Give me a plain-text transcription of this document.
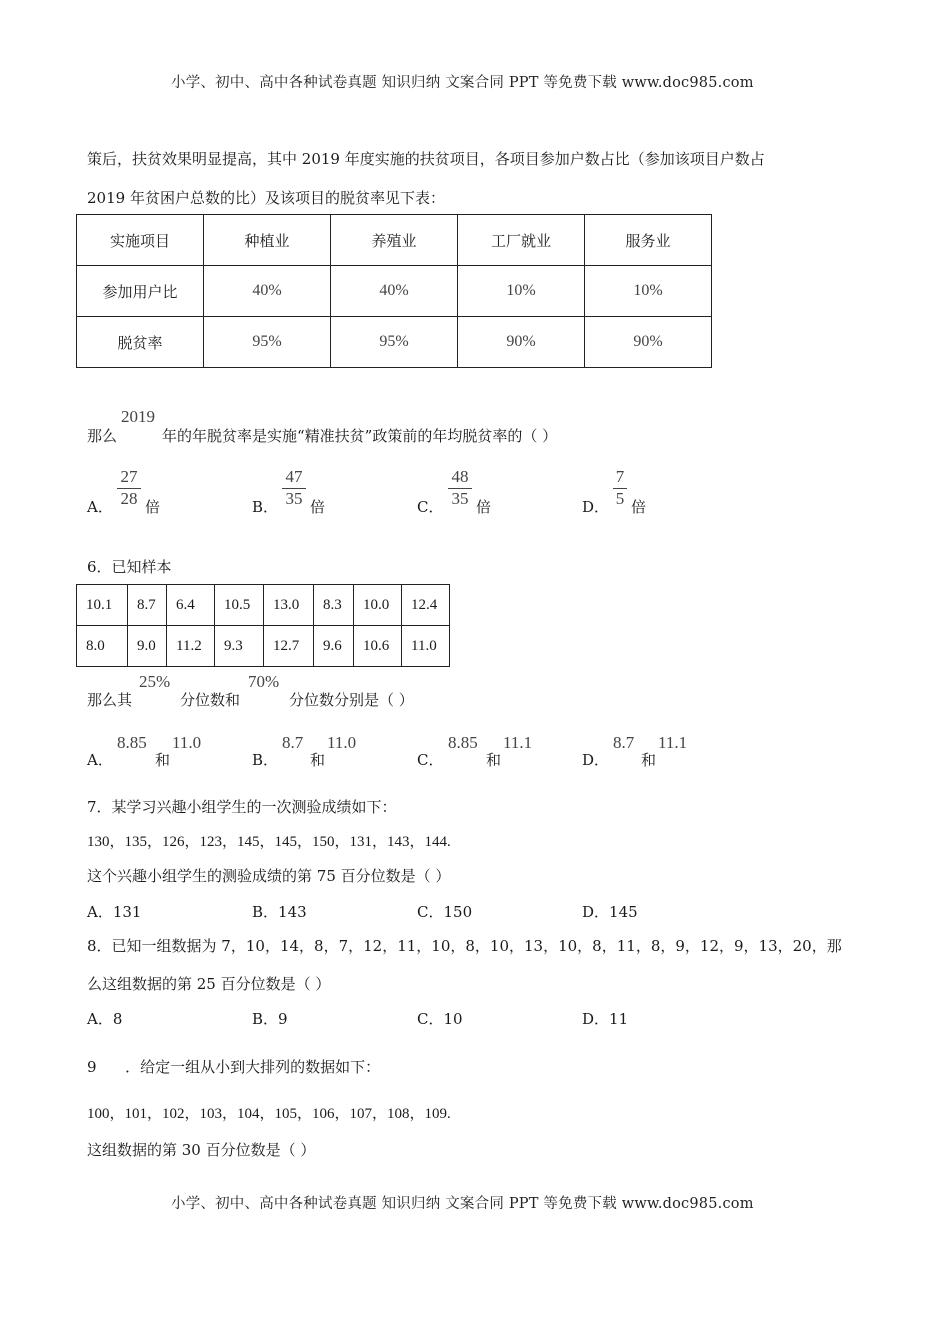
小学、初中、高中各种试卷真题 知识归纳 文案合同 PPT 等免费下载 www.doc985.com
策后，扶贫效果明显提高，其中 2019 年度实施的扶贫项目，各项目参加户数占比（参加该项目户数占
2019 年贫困户总数的比）及该项目的脱贫率见下表：
实施项目	种植业	养殖业	工厂就业	服务业
参加用户比	40%	40%	10%	10%
脱贫率	95%	95%	90%	90%
那么
2019
年的年脱贫率是实施“精准扶贫”政策前的年均脱贫率的（ ）
A．
27
28 倍	B．
47
35 倍	C．
48
35 倍	D．
7
5 倍
6．已知样本
10.1	8.7	6.4	10.5	13.0	8.3	10.0	12.4
8.0	9.0	11.2	9.3	12.7	9.6	10.6	11.0
那么其
25%
分位数和
70%
分位数分别是（ ）
A．
8.85
和
11.0
B．
8.7
和
11.0
C．
8.85
和
11.1
D．
8.7
和
11.1
7．某学习兴趣小组学生的一次测验成绩如下：
130，135，126，123，145，145，150，131，143，144.
这个兴趣小组学生的测验成绩的第 75 百分位数是（ ）
A．131	B．143	C．150	D．145
8．已知一组数据为 7，10，14，8，7，12，11，10，8，10，13，10，8，11，8，9，12，9，13，20，那
么这组数据的第 25 百分位数是（ ）
A．8	B．9	C．10	D．11
9      ．给定一组从小到大排列的数据如下：
100，101，102，103，104，105，106，107，108，109.
这组数据的第 30 百分位数是（ ）
小学、初中、高中各种试卷真题 知识归纳 文案合同 PPT 等免费下载 www.doc985.com
